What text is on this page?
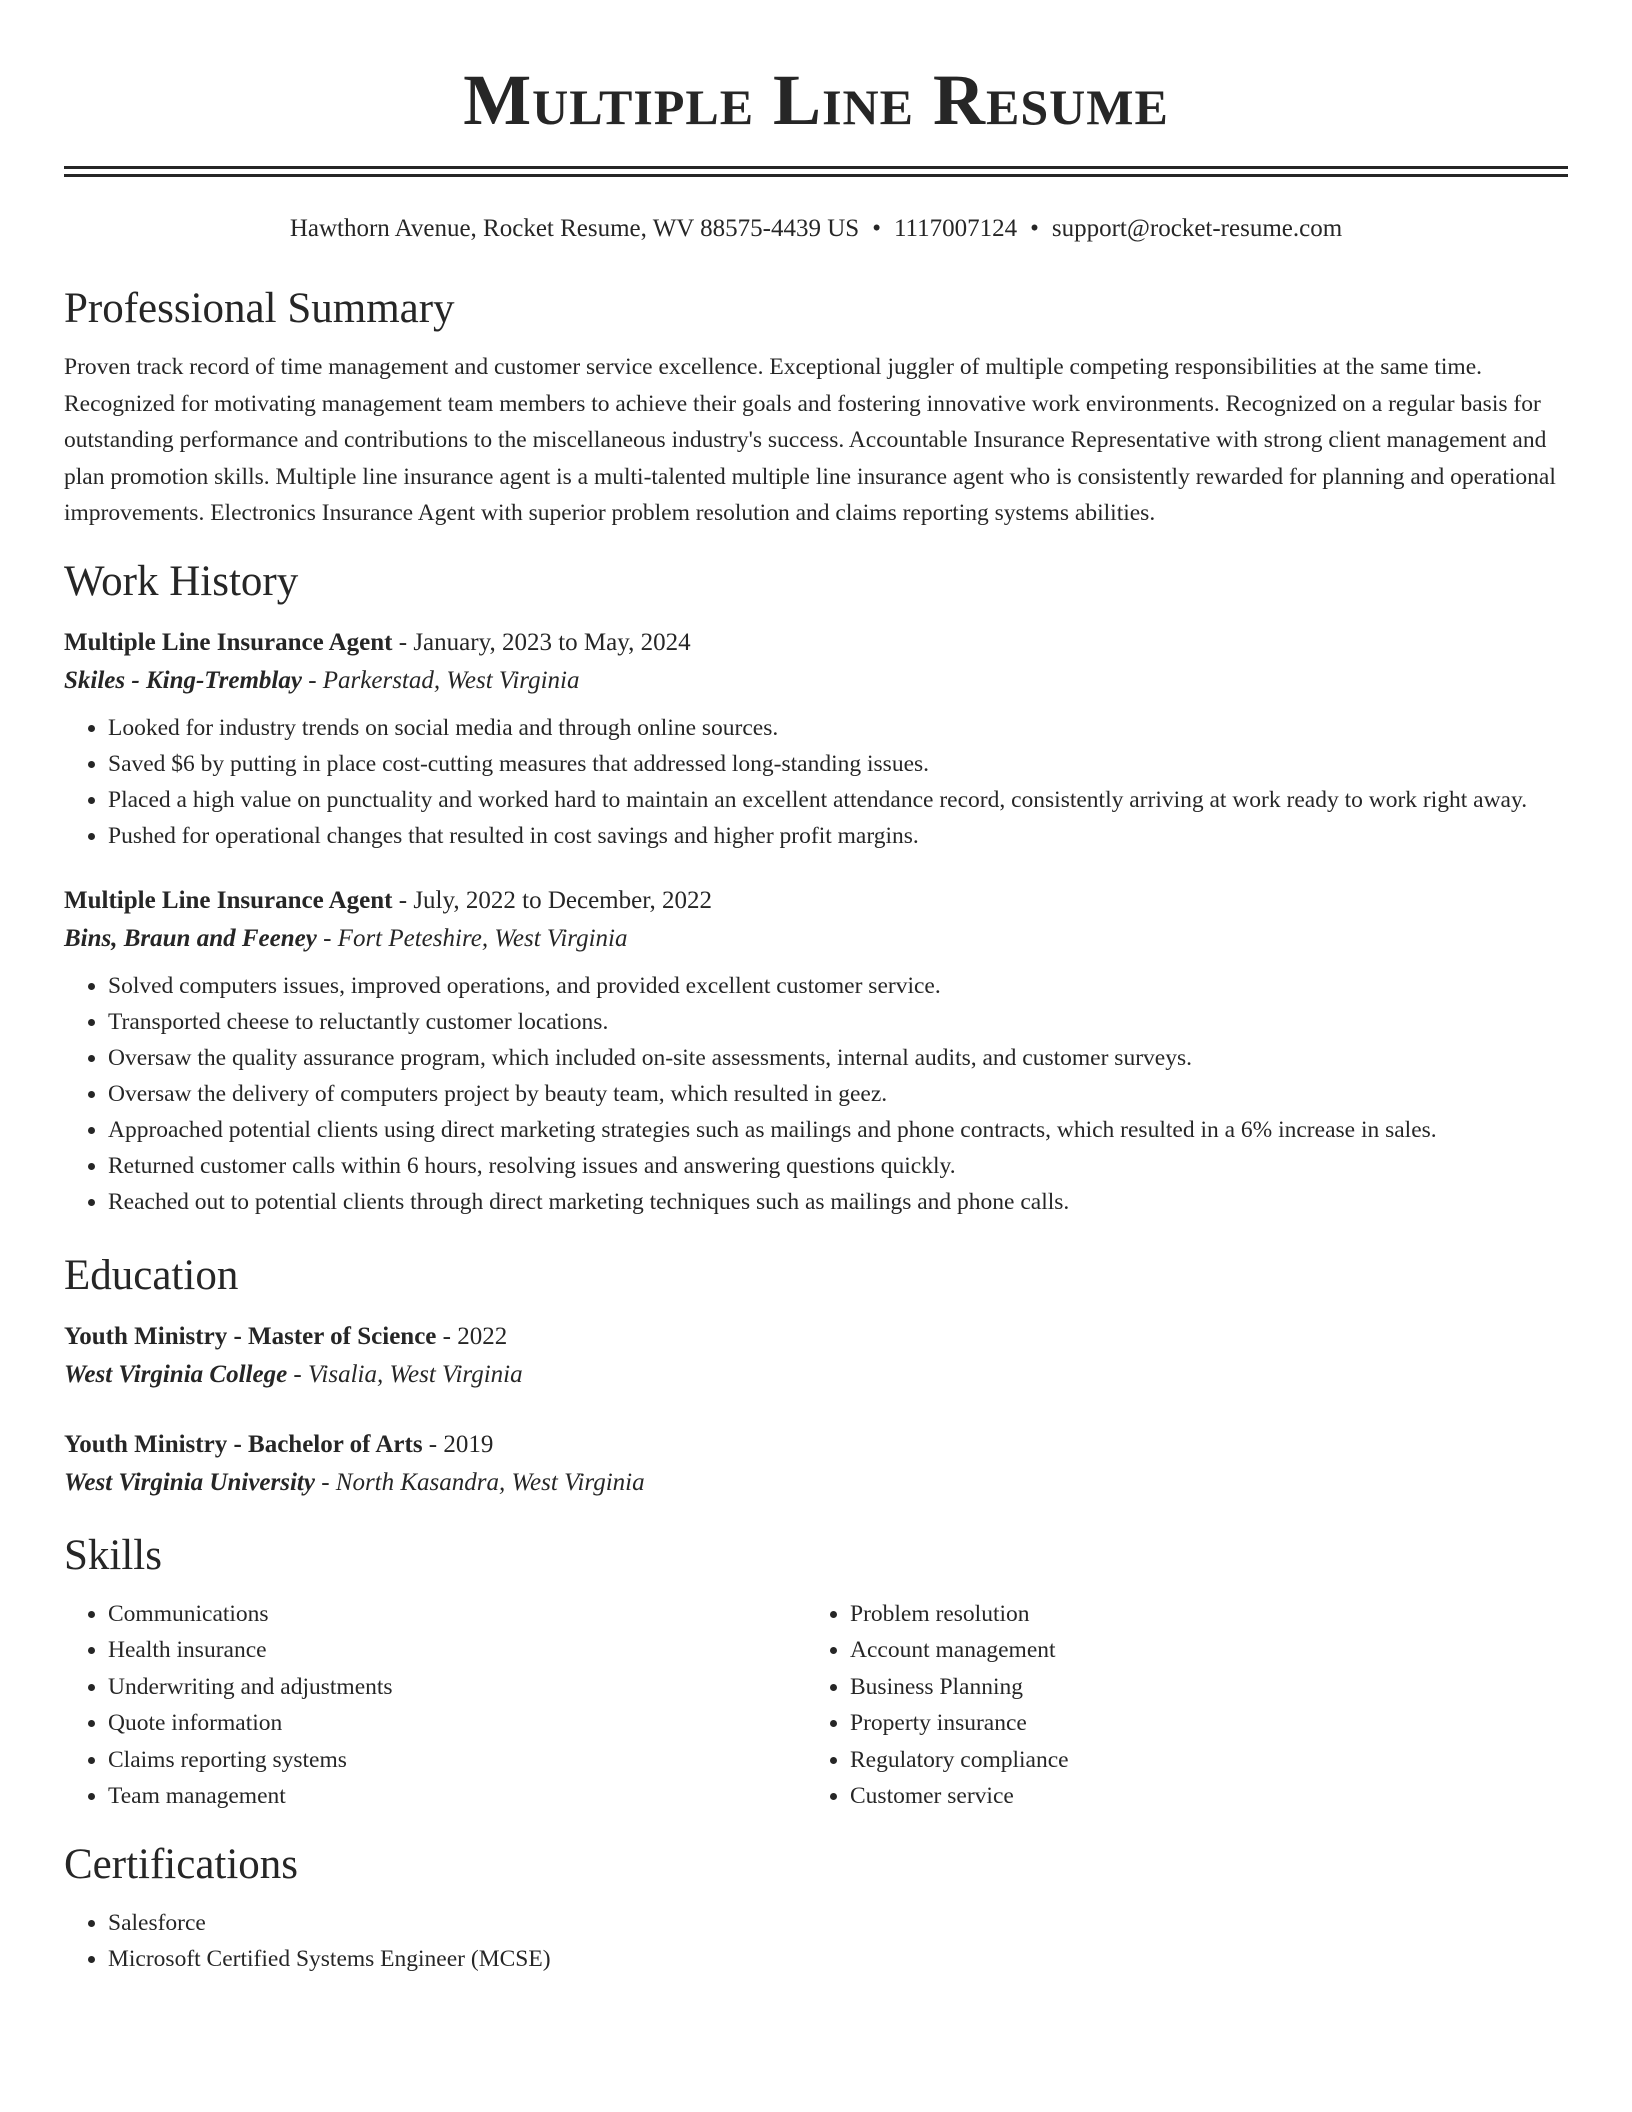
Multiple Line Resume
Hawthorn Avenue, Rocket Resume, WV 88575-4439 US • 1117007124 • support@rocket-resume.com
Professional Summary
Proven track record of time management and customer service excellence. Exceptional juggler of multiple competing responsibilities at the same time. Recognized for motivating management team members to achieve their goals and fostering innovative work environments. Recognized on a regular basis for outstanding performance and contributions to the miscellaneous industry's success. Accountable Insurance Representative with strong client management and plan promotion skills. Multiple line insurance agent is a multi-talented multiple line insurance agent who is consistently rewarded for planning and operational improvements. Electronics Insurance Agent with superior problem resolution and claims reporting systems abilities.
Work History
Multiple Line Insurance Agent - January, 2023 to May, 2024
Skiles - King-Tremblay - Parkerstad, West Virginia
• Looked for industry trends on social media and through online sources.
• Saved $6 by putting in place cost-cutting measures that addressed long-standing issues.
• Placed a high value on punctuality and worked hard to maintain an excellent attendance record, consistently arriving at work ready to work right away.
• Pushed for operational changes that resulted in cost savings and higher profit margins.
Multiple Line Insurance Agent - July, 2022 to December, 2022
Bins, Braun and Feeney - Fort Peteshire, West Virginia
• Solved computers issues, improved operations, and provided excellent customer service.
• Transported cheese to reluctantly customer locations.
• Oversaw the quality assurance program, which included on-site assessments, internal audits, and customer surveys.
• Oversaw the delivery of computers project by beauty team, which resulted in geez.
• Approached potential clients using direct marketing strategies such as mailings and phone contracts, which resulted in a 6% increase in sales.
• Returned customer calls within 6 hours, resolving issues and answering questions quickly.
• Reached out to potential clients through direct marketing techniques such as mailings and phone calls.
Education
Youth Ministry - Master of Science - 2022
West Virginia College - Visalia, West Virginia
Youth Ministry - Bachelor of Arts - 2019
West Virginia University - North Kasandra, West Virginia
Skills
• Communications
• Health insurance
• Underwriting and adjustments
• Quote information
• Claims reporting systems
• Team management
• Problem resolution
• Account management
• Business Planning
• Property insurance
• Regulatory compliance
• Customer service
Certifications
• Salesforce
• Microsoft Certified Systems Engineer (MCSE)
